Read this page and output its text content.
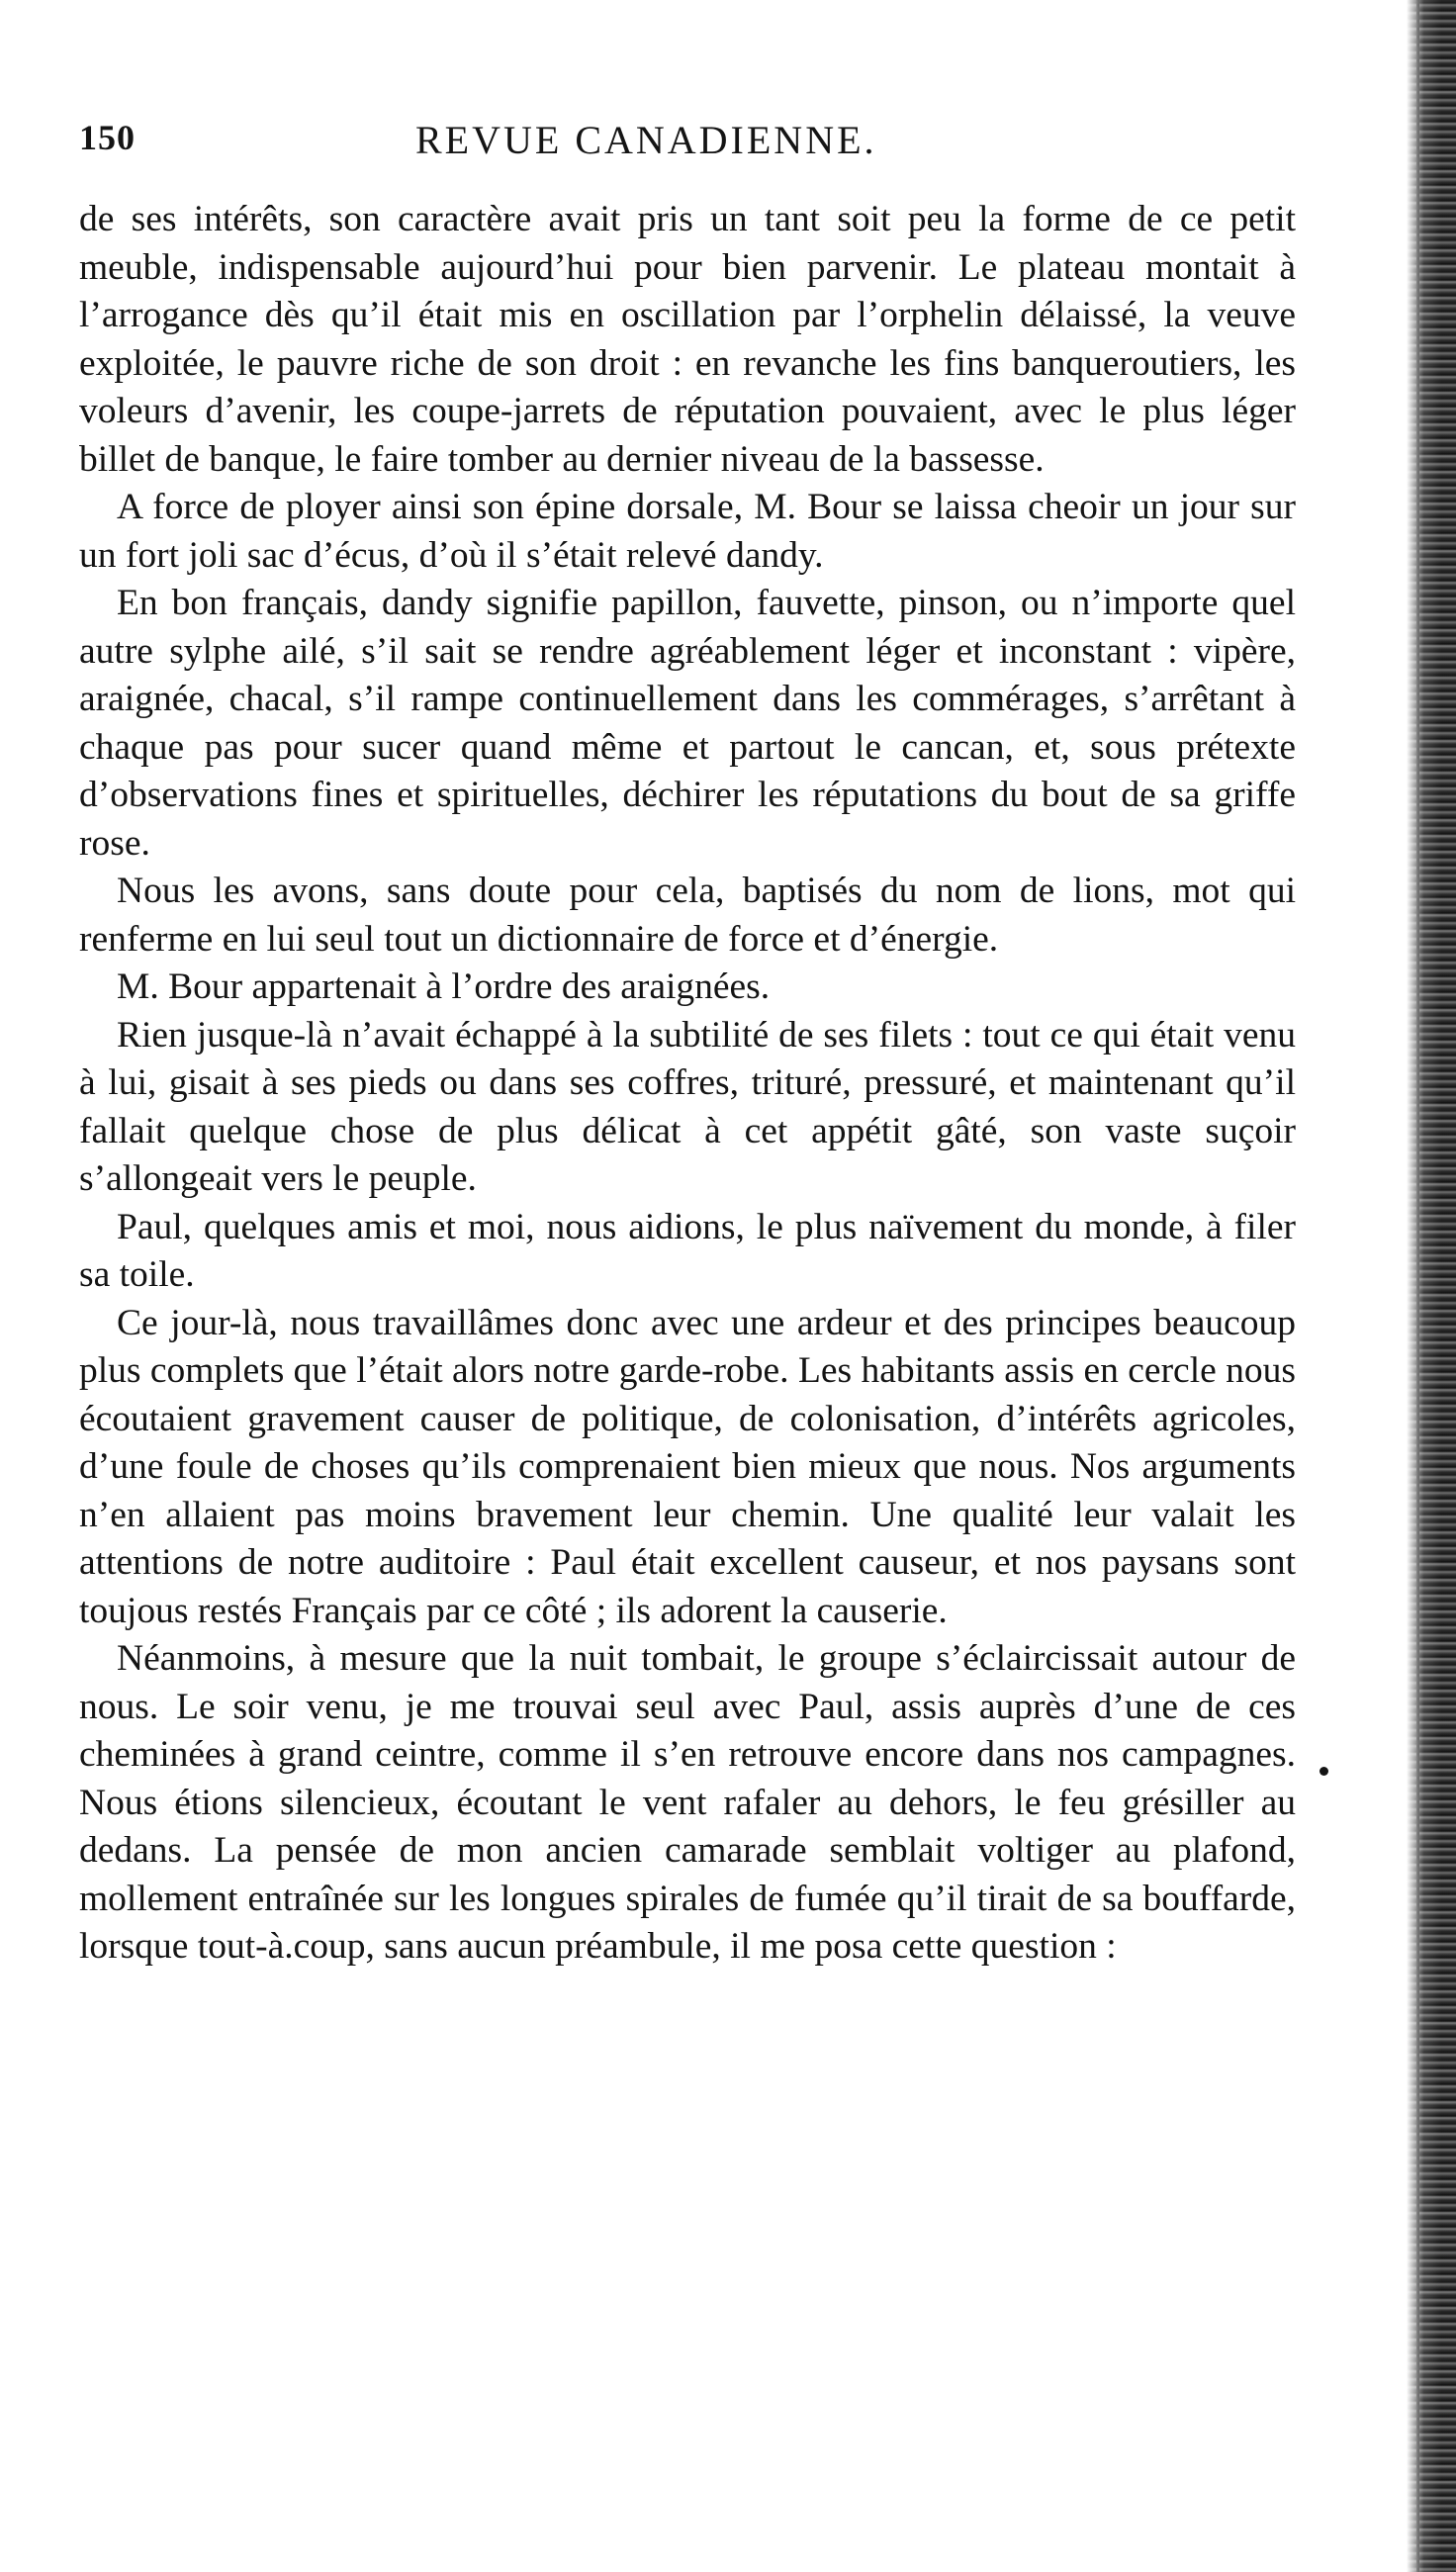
150	REVUE CANADIENNE.

de ses intérêts, son caractère avait pris un tant soit peu la forme de ce petit meuble, indispensable aujourd’hui pour bien parvenir. Le plateau montait à l’arrogance dès qu’il était mis en oscillation par l’orphelin délaissé, la veuve exploitée, le pauvre riche de son droit : en revanche les fins banqueroutiers, les voleurs d’avenir, les coupe-jarrets de réputation pouvaient, avec le plus léger billet de banque, le faire tomber au dernier niveau de la bassesse.

A force de ployer ainsi son épine dorsale, M. Bour se laissa cheoir un jour sur un fort joli sac d’écus, d’où il s’était relevé dandy.

En bon français, dandy signifie papillon, fauvette, pinson, ou n’importe quel autre sylphe ailé, s’il sait se rendre agréablement léger et inconstant : vipère, araignée, chacal, s’il rampe continuellement dans les commérages, s’arrêtant à chaque pas pour sucer quand même et partout le cancan, et, sous prétexte d’observations fines et spirituelles, déchirer les réputations du bout de sa griffe rose.

Nous les avons, sans doute pour cela, baptisés du nom de lions, mot qui renferme en lui seul tout un dictionnaire de force et d’énergie.

M. Bour appartenait à l’ordre des araignées.

Rien jusque-là n’avait échappé à la subtilité de ses filets : tout ce qui était venu à lui, gisait à ses pieds ou dans ses coffres, trituré, pressuré, et maintenant qu’il fallait quelque chose de plus délicat à cet appétit gâté, son vaste suçoir s’allongeait vers le peuple.

Paul, quelques amis et moi, nous aidions, le plus naïvement du monde, à filer sa toile.

Ce jour-là, nous travaillâmes donc avec une ardeur et des principes beaucoup plus complets que l’était alors notre garde-robe. Les habitants assis en cercle nous écoutaient gravement causer de politique, de colonisation, d’intérêts agricoles, d’une foule de choses qu’ils comprenaient bien mieux que nous. Nos arguments n’en allaient pas moins bravement leur chemin. Une qualité leur valait les attentions de notre auditoire : Paul était excellent causeur, et nos paysans sont toujous restés Français par ce côté ; ils adorent la causerie.

Néanmoins, à mesure que la nuit tombait, le groupe s’éclaircissait autour de nous. Le soir venu, je me trouvai seul avec Paul, assis auprès d’une de ces cheminées à grand ceintre, comme il s’en retrouve encore dans nos campagnes. Nous étions silencieux, écoutant le vent rafaler au dehors, le feu grésiller au dedans. La pensée de mon ancien camarade semblait voltiger au plafond, mollement entraînée sur les longues spirales de fumée qu’il tirait de sa bouffarde, lorsque tout-à.coup, sans aucun préambule, il me posa cette question :
